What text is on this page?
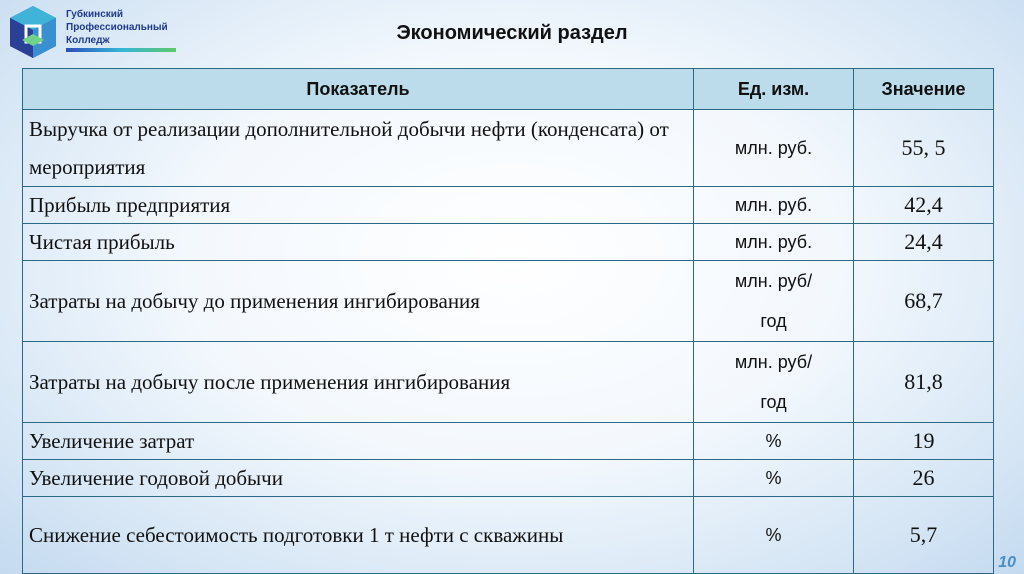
Губкинский
Профессиональный
Колледж	Экономический раздел
Показатель	Ед. изм.	Значение
Выручка от реализации дополнительной добычи нефти (конденсата) от мероприятия	млн. руб.	55, 5
Прибыль предприятия	млн. руб.	42,4
Чистая прибыль	млн. руб.	24,4
Затраты на добычу до применения ингибирования	млн. руб/год	68,7
Затраты на добычу после применения ингибирования	млн. руб/год	81,8
Увеличение затрат	%	19
Увеличение годовой добычи	%	26
Снижение себестоимость подготовки 1 т нефти с скважины	%	5,7
10
